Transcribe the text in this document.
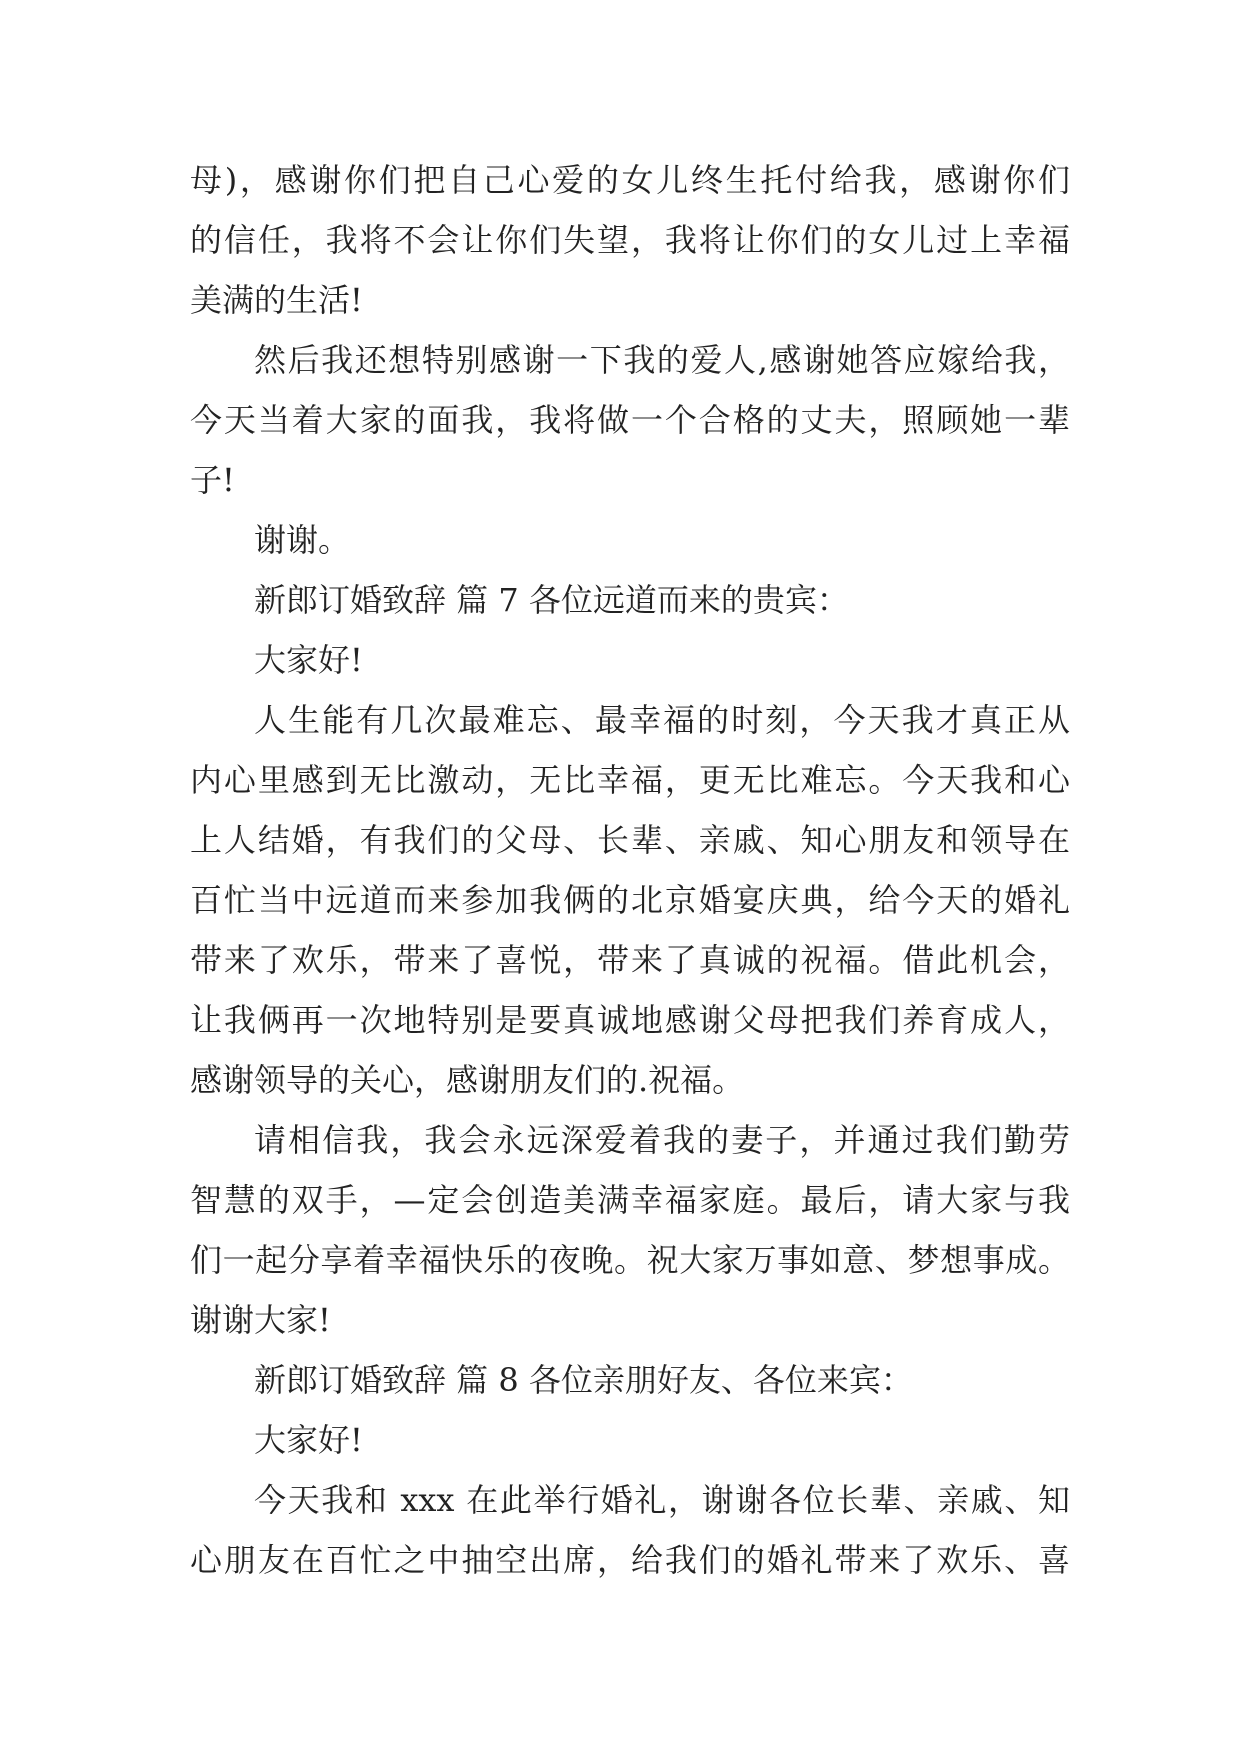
母)，感谢你们把自己心爱的女儿终生托付给我，感谢你们
的信任，我将不会让你们失望，我将让你们的女儿过上幸福
美满的生活!
然后我还想特别感谢一下我的爱人,感谢她答应嫁给我，
今天当着大家的面我，我将做一个合格的丈夫，照顾她一辈
子!
谢谢。
新郎订婚致辞 篇 7 各位远道而来的贵宾：
大家好!
人生能有几次最难忘、最幸福的时刻，今天我才真正从
内心里感到无比激动，无比幸福，更无比难忘。今天我和心
上人结婚，有我们的父母、长辈、亲戚、知心朋友和领导在
百忙当中远道而来参加我俩的北京婚宴庆典，给今天的婚礼
带来了欢乐，带来了喜悦，带来了真诚的祝福。借此机会，
让我俩再一次地特别是要真诚地感谢父母把我们养育成人，
感谢领导的关心，感谢朋友们的.祝福。
请相信我，我会永远深爱着我的妻子，并通过我们勤劳
智慧的双手，—定会创造美满幸福家庭。最后，请大家与我
们一起分享着幸福快乐的夜晚。祝大家万事如意、梦想事成。
谢谢大家!
新郎订婚致辞 篇 8 各位亲朋好友、各位来宾：
大家好!
今天我和 xxx 在此举行婚礼，谢谢各位长辈、亲戚、知
心朋友在百忙之中抽空出席，给我们的婚礼带来了欢乐、喜
